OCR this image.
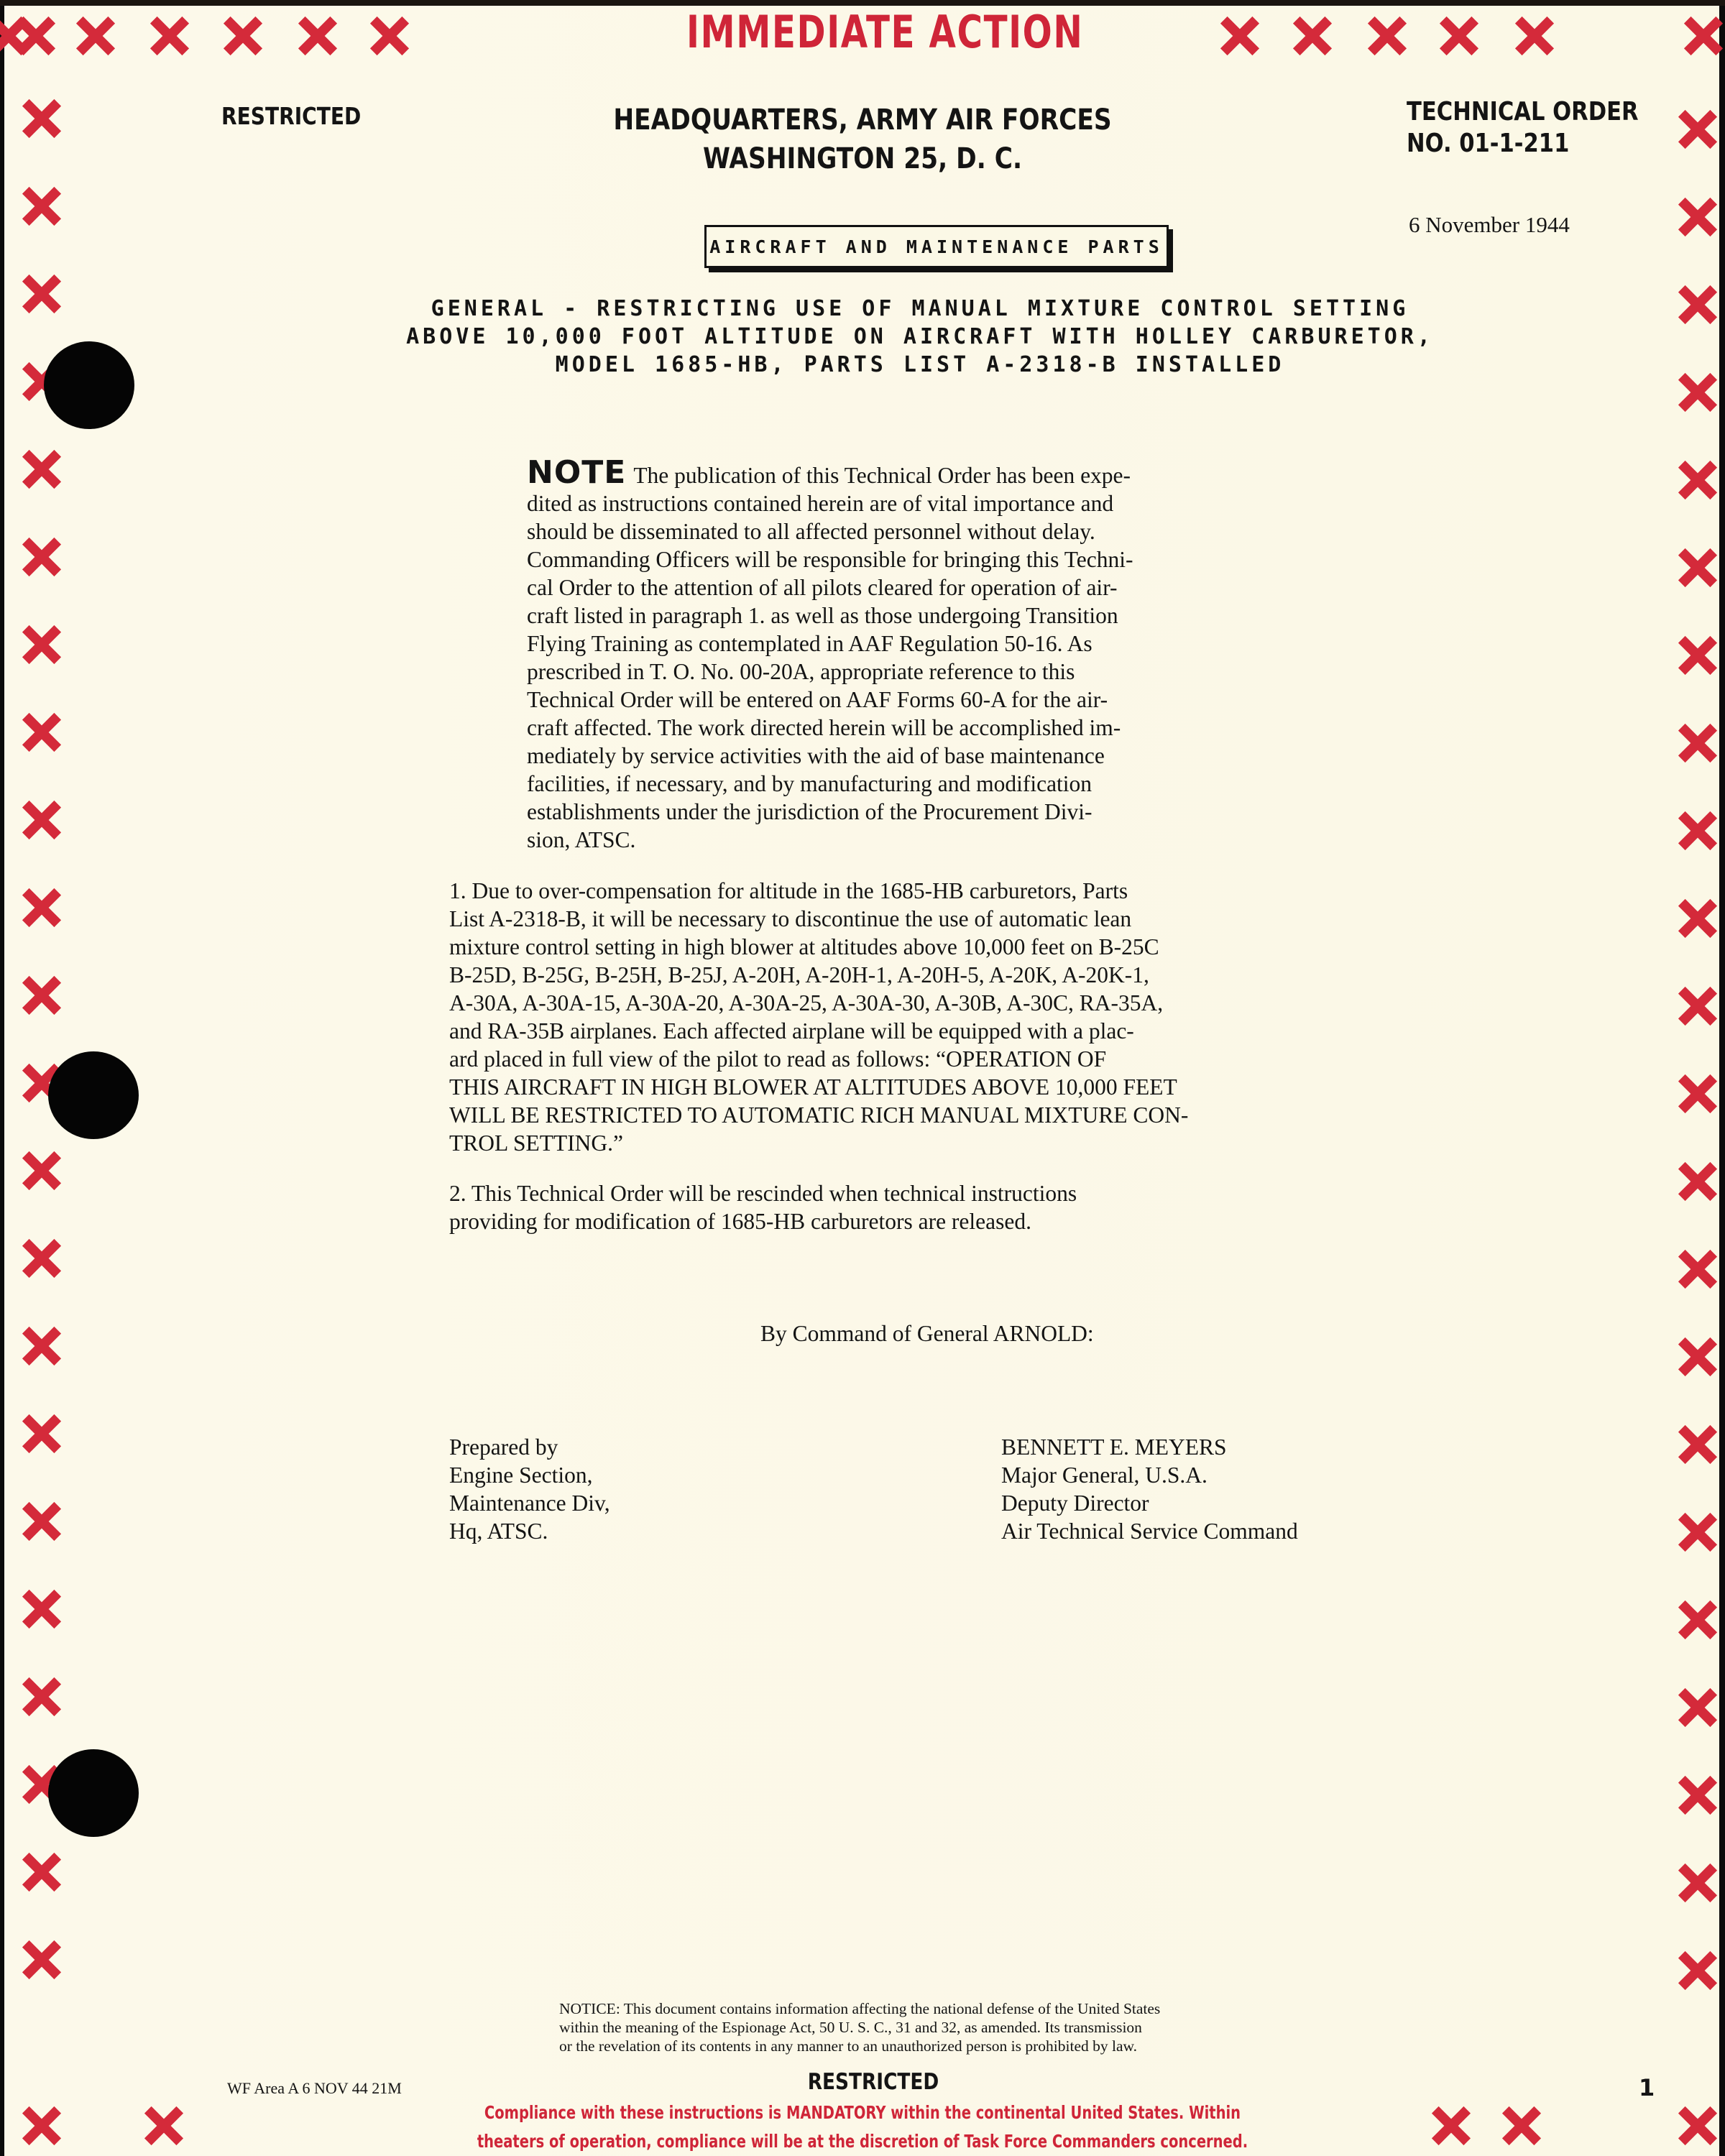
IMMEDIATE ACTION
RESTRICTED	HEADQUARTERS, ARMY AIR FORCES
WASHINGTON 25, D. C.
TECHNICAL ORDER
NO. 01-1-211
6 November 1944
AIRCRAFT AND MAINTENANCE PARTS
GENERAL - RESTRICTING USE OF MANUAL MIXTURE CONTROL SETTING
ABOVE 10,000 FOOT ALTITUDE ON AIRCRAFT WITH HOLLEY CARBURETOR,
MODEL 1685-HB, PARTS LIST A-2318-B INSTALLED
NOTE The publication of this Technical Order has been expe-
dited as instructions contained herein are of vital importance and
should be disseminated to all affected personnel without delay.
Commanding Officers will be responsible for bringing this Techni-
cal Order to the attention of all pilots cleared for operation of air-
craft listed in paragraph 1. as well as those undergoing Transition
Flying Training as contemplated in AAF Regulation 50-16. As
prescribed in T. O. No. 00-20A, appropriate reference to this
Technical Order will be entered on AAF Forms 60-A for the air-
craft affected. The work directed herein will be accomplished im-
mediately by service activities with the aid of base maintenance
facilities, if necessary, and by manufacturing and modification
establishments under the jurisdiction of the Procurement Divi-
sion, ATSC.
1. Due to over-compensation for altitude in the 1685-HB carburetors, Parts
List A-2318-B, it will be necessary to discontinue the use of automatic lean
mixture control setting in high blower at altitudes above 10,000 feet on B-25C
B-25D, B-25G, B-25H, B-25J, A-20H, A-20H-1, A-20H-5, A-20K, A-20K-1,
A-30A, A-30A-15, A-30A-20, A-30A-25, A-30A-30, A-30B, A-30C, RA-35A,
and RA-35B airplanes. Each affected airplane will be equipped with a plac-
ard placed in full view of the pilot to read as follows: “OPERATION OF
THIS AIRCRAFT IN HIGH BLOWER AT ALTITUDES ABOVE 10,000 FEET
WILL BE RESTRICTED TO AUTOMATIC RICH MANUAL MIXTURE CON-
TROL SETTING.”
2. This Technical Order will be rescinded when technical instructions
providing for modification of 1685-HB carburetors are released.
By Command of General ARNOLD:
Prepared by
Engine Section,
Maintenance Div,
Hq, ATSC.
BENNETT E. MEYERS
Major General, U.S.A.
Deputy Director
Air Technical Service Command
NOTICE: This document contains information affecting the national defense of the United States
within the meaning of the Espionage Act, 50 U. S. C., 31 and 32, as amended. Its transmission
or the revelation of its contents in any manner to an unauthorized person is prohibited by law.
WF Area A 6 NOV 44 21M	RESTRICTED
Compliance with these instructions is MANDATORY within the continental United States. Within
theaters of operation, compliance will be at the discretion of Task Force Commanders concerned.
1
